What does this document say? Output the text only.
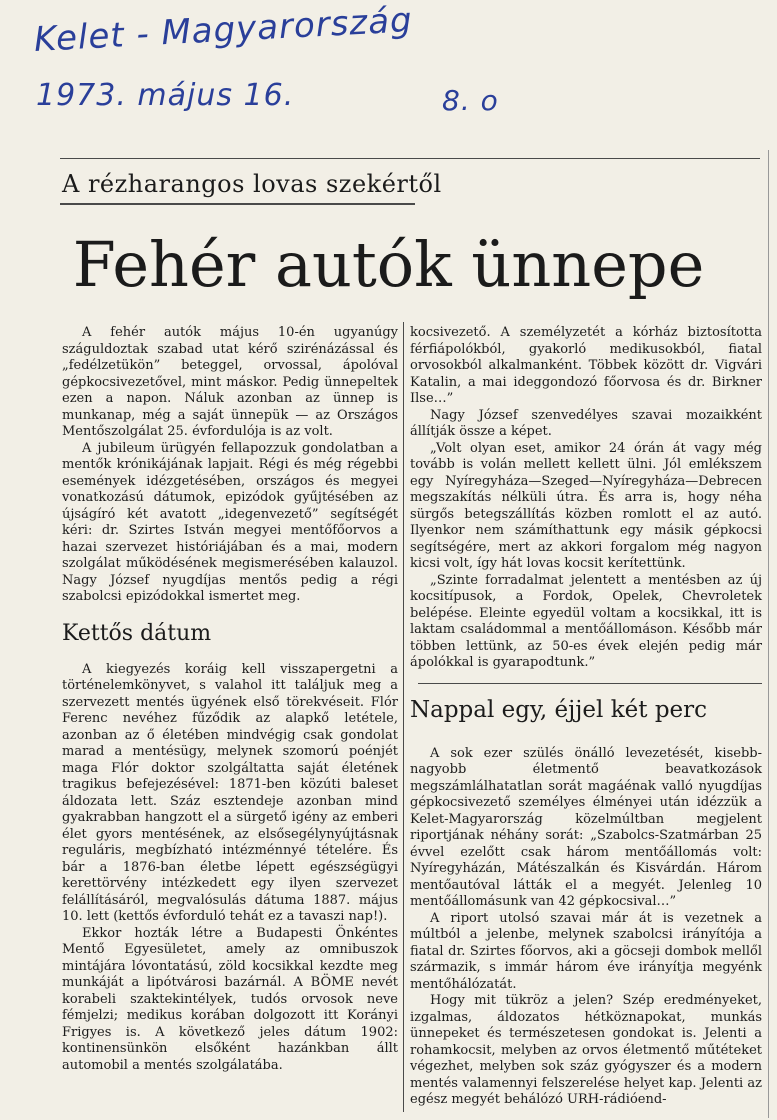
Kelet - Magyarország
1973. május 16.	8. o
A rézharangos lovas szekértől
Fehér autók ünnepe

A fehér autók május 10-én ugyanúgy száguldoztak szabad utat kérő szirénázással és „fedélzetükön” beteggel, orvossal, ápolóval gépkocsivezetővel, mint máskor. Pedig ünnepeltek ezen a napon. Náluk azonban az ünnep is munkanap, még a saját ünnepük — az Országos Mentőszolgálat 25. évfordulója is az volt.

A jubileum ürügyén fellapozzuk gondolatban a mentők krónikájának lapjait. Régi és még régebbi események idézgetésében, országos és megyei vonatkozású dátumok, epizódok gyűjtésében az újságíró két avatott „idegenvezető” segítségét kéri: dr. Szirtes István megyei mentőfőorvos a hazai szervezet históriájában és a mai, modern szolgálat működésének megismerésében kalauzol. Nagy József nyugdíjas mentős pedig a régi szabolcsi epizódokkal ismertet meg.

Kettős dátum

A kiegyezés koráig kell visszapergetni a történelemkönyvet, s valahol itt találjuk meg a szervezett mentés ügyének első törekvéseit. Flór Ferenc nevéhez fűződik az alapkő letétele, azonban az ő életében mindvégig csak gondolat marad a mentésügy, melynek szomorú poénjét maga Flór doktor szolgáltatta saját életének tragikus befejezésével: 1871-ben közúti baleset áldozata lett. Száz esztendeje azonban mind gyakrabban hangzott el a sürgető igény az emberi élet gyors mentésének, az elsősegélynyújtásnak reguláris, megbízható intézménnyé tételére. És bár a 1876-ban életbe lépett egészségügyi kerettörvény intézkedett egy ilyen szervezet felállításáról, megvalósulás dátuma 1887. május 10. lett (kettős évforduló tehát ez a tavaszi nap!).

Ekkor hozták létre a Budapesti Önkéntes Mentő Egyesületet, amely az omnibuszok mintájára lóvontatású, zöld kocsikkal kezdte meg munkáját a lipótvárosi bazárnál. A BÖME nevét korabeli szaktekintélyek, tudós orvosok neve fémjelzi; medikus korában dolgozott itt Korányi Frigyes is. A következő jeles dátum 1902: kontinensünkön elsőként hazánkban állt automobil a mentés szolgálatába.

kocsivezető. A személyzetét a kórház biztosította férfiápolókból, gyakorló medikusokból, fiatal orvosokból alkalmanként. Többek között dr. Vigvári Katalin, a mai ideggondozó főorvosa és dr. Birkner Ilse…”

Nagy József szenvedélyes szavai mozaikként állítják össze a képet.

„Volt olyan eset, amikor 24 órán át vagy még tovább is volán mellett kellett ülni. Jól emlékszem egy Nyíregyháza—Szeged—Nyíregyháza—Debrecen megszakítás nélküli útra. És arra is, hogy néha sürgős betegszállítás közben romlott el az autó. Ilyenkor nem számíthattunk egy másik gépkocsi segítségére, mert az akkori forgalom még nagyon kicsi volt, így hát lovas kocsit kerítettünk.

„Szinte forradalmat jelentett a mentésben az új kocsitípusok, a Fordok, Opelek, Chevroletek belépése. Eleinte egyedül voltam a kocsikkal, itt is laktam családommal a mentőállomáson. Később már többen lettünk, az 50-es évek elején pedig már ápolókkal is gyarapodtunk.”

Nappal egy, éjjel két perc

A sok ezer szülés önálló levezetését, kisebb-nagyobb életmentő beavatkozások megszámlálhatatlan sorát magáénak valló nyugdíjas gépkocsivezető személyes élményei után idézzük a Kelet-Magyarország közelmúltban megjelent riportjának néhány sorát: „Szabolcs-Szatmárban 25 évvel ezelőtt csak három mentőállomás volt: Nyíregyházán, Mátészalkán és Kisvárdán. Három mentőautóval látták el a megyét. Jelenleg 10 mentőállomásunk van 42 gépkocsival…”

A riport utolsó szavai már át is vezetnek a múltból a jelenbe, melynek szabolcsi irányítója a fiatal dr. Szirtes főorvos, aki a göcseji dombok mellől származik, s immár három éve irányítja megyénk mentőhálózatát.

Hogy mit tükröz a jelen? Szép eredményeket, izgalmas, áldozatos hétköznapokat, munkás ünnepeket és természetesen gondokat is. Jelenti a rohamkocsit, melyben az orvos életmentő műtéteket végezhet, melyben sok száz gyógyszer és a modern mentés valamennyi felszerelése helyet kap. Jelenti az egész megyét behálózó URH-rádióend-
